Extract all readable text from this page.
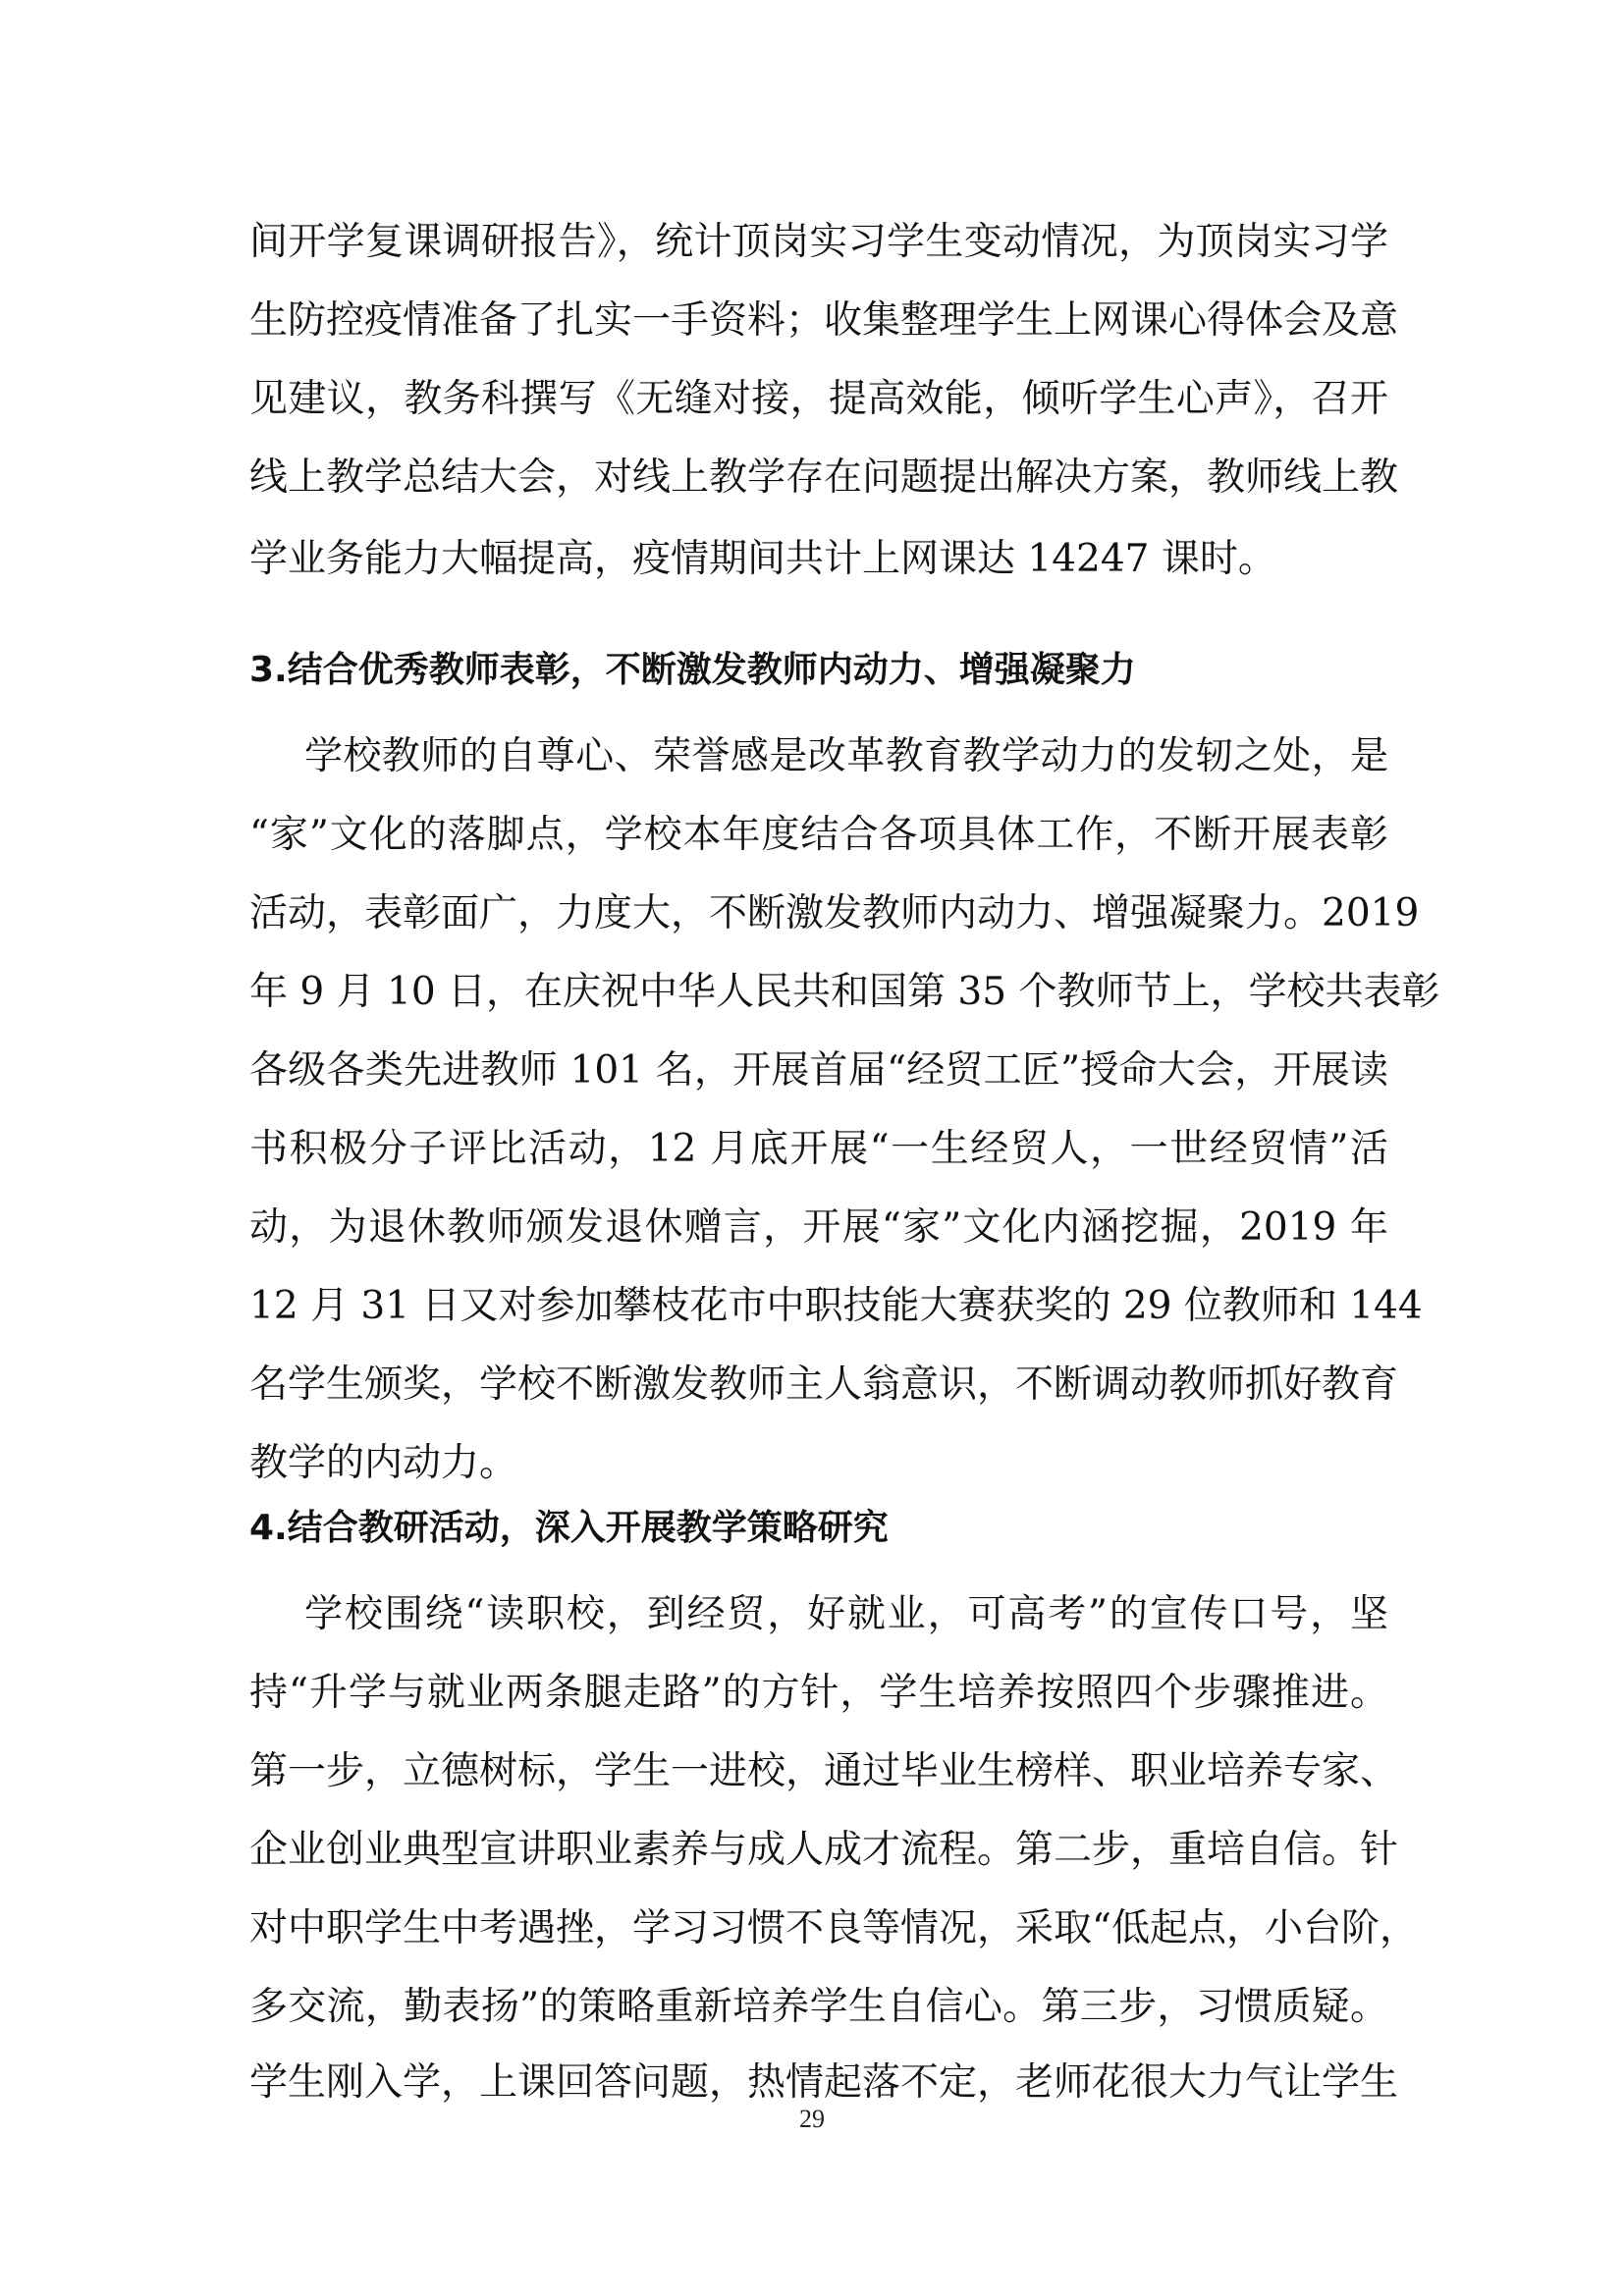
间开学复课调研报告》，统计顶岗实习学生变动情况，为顶岗实习学
生防控疫情准备了扎实一手资料；收集整理学生上网课心得体会及意
见建议，教务科撰写《无缝对接，提高效能，倾听学生心声》，召开
线上教学总结大会，对线上教学存在问题提出解决方案，教师线上教
学业务能力大幅提高，疫情期间共计上网课达 14247 课时。
3.结合优秀教师表彰，不断激发教师内动力、增强凝聚力
学校教师的自尊心、荣誉感是改革教育教学动力的发轫之处，是
“家”文化的落脚点，学校本年度结合各项具体工作，不断开展表彰
活动，表彰面广，力度大，不断激发教师内动力、增强凝聚力。2019
年 9 月 10 日，在庆祝中华人民共和国第 35 个教师节上，学校共表彰
各级各类先进教师 101 名，开展首届“经贸工匠”授命大会，开展读
书积极分子评比活动，12 月底开展“一生经贸人，一世经贸情”活
动，为退休教师颁发退休赠言，开展“家”文化内涵挖掘，2019 年
12 月 31 日又对参加攀枝花市中职技能大赛获奖的 29 位教师和 144
名学生颁奖，学校不断激发教师主人翁意识，不断调动教师抓好教育
教学的内动力。
4.结合教研活动，深入开展教学策略研究
学校围绕“读职校，到经贸，好就业，可高考”的宣传口号，坚
持“升学与就业两条腿走路”的方针，学生培养按照四个步骤推进。
第一步，立德树标，学生一进校，通过毕业生榜样、职业培养专家、
企业创业典型宣讲职业素养与成人成才流程。第二步，重培自信。针
对中职学生中考遇挫，学习习惯不良等情况，采取“低起点，小台阶，
多交流，勤表扬”的策略重新培养学生自信心。第三步，习惯质疑。
学生刚入学，上课回答问题，热情起落不定，老师花很大力气让学生
29
